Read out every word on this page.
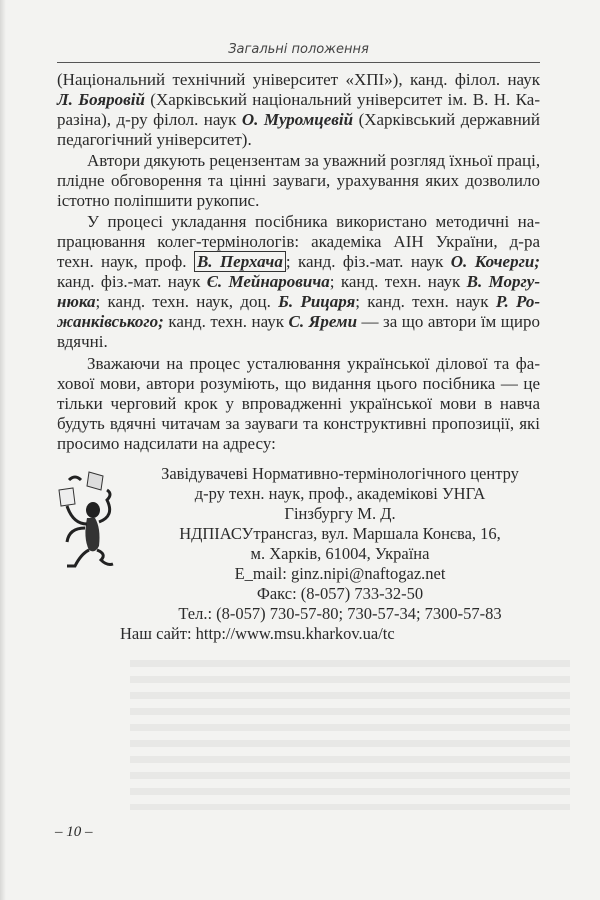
Загальні положення
(Національний технічний університет «ХПІ»), канд. філол. наук
Л. Бояровій (Харківський національний університет ім. В. Н. Ка-
разіна), д-ру філол. наук О. Муромцевій (Харківський державний
педагогічний університет).
Автори дякують рецензентам за уважний розгляд їхньої праці,
плідне обговорення та цінні зауваги, урахування яких дозволило
істотно поліпшити рукопис.
У процесі укладання посібника використано методичні на-
працювання колег-термінологів: академіка АІН України, д-ра
техн. наук, проф. В. Перхача ; канд. фіз.-мат. наук О. Кочерги;
канд. фіз.-мат. наук Є. Мейнаровича; канд. техн. наук В. Моргу-
нюка; канд. техн. наук, доц. Б. Рицаря; канд. техн. наук Р. Ро-
жанківського; канд. техн. наук С. Яреми — за що автори їм щиро
вдячні.
Зважаючи на процес усталювання української ділової та фа-
хової мови, автори розуміють, що видання цього посібника — це
тільки черговий крок у впровадженні української мови в навча
будуть вдячні читачам за зауваги та конструктивні пропозиції, які
просимо надсилати на адресу:
Завідувачеві Нормативно-термінологічного центру
д-ру техн. наук, проф., академікові УНГА
Гінзбургу М. Д.
НДПІАСУтрансгаз, вул. Маршала Конєва, 16,
м. Харків, 61004, Україна
E_mail: ginz.nipi@naftogaz.net
Факс: (8-057) 733-32-50
Тел.: (8-057) 730-57-80; 730-57-34; 7300-57-83
Наш сайт: http://www.msu.kharkov.ua/tc
– 10 –
